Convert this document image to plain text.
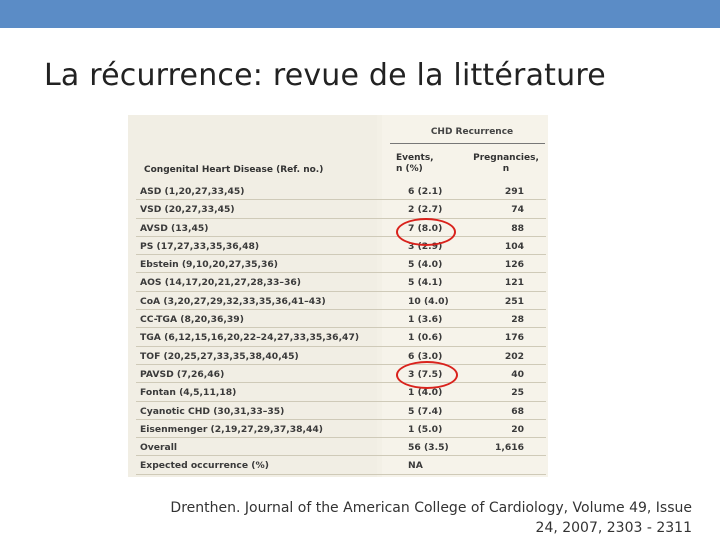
La récurrence: revue de la littérature
CHD Recurrence
Congenital Heart Disease (Ref. no.)
Events,
n (%)
Pregnancies,
n
ASD (1,20,27,33,45)	6 (2.1)	291
VSD (20,27,33,45)	2 (2.7)	74
AVSD (13,45)	7 (8.0)	88
PS (17,27,33,35,36,48)	3 (2.9)	104
Ebstein (9,10,20,27,35,36)	5 (4.0)	126
AOS (14,17,20,21,27,28,33–36)	5 (4.1)	121
CoA (3,20,27,29,32,33,35,36,41–43)	10 (4.0)	251
CC-TGA (8,20,36,39)	1 (3.6)	28
TGA (6,12,15,16,20,22–24,27,33,35,36,47)	1 (0.6)	176
TOF (20,25,27,33,35,38,40,45)	6 (3.0)	202
PAVSD (7,26,46)	3 (7.5)	40
Fontan (4,5,11,18)	1 (4.0)	25
Cyanotic CHD (30,31,33–35)	5 (7.4)	68
Eisenmenger (2,19,27,29,37,38,44)	1 (5.0)	20
Overall	56 (3.5)	1,616
Expected occurrence (%)	NA
Drenthen. Journal of the American College of Cardiology, Volume 49, Issue
24, 2007, 2303 - 2311
